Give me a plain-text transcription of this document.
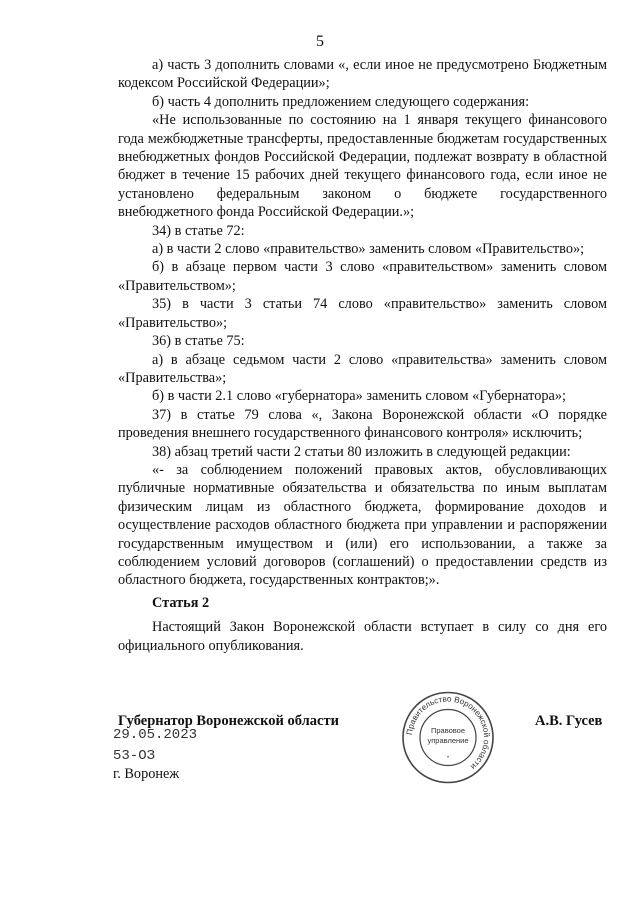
5

а) часть 3 дополнить словами «, если иное не предусмотрено Бюджетным кодексом Российской Федерации»;

б) часть 4 дополнить предложением следующего содержания:

«Не использованные по состоянию на 1 января текущего финансового года межбюджетные трансферты, предоставленные бюджетам государственных внебюджетных фондов Российской Федерации, подлежат возврату в областной бюджет в течение 15 рабочих дней текущего финансового года, если иное не установлено федеральным законом о бюджете государственного внебюджетного фонда Российской Федерации.»;

34) в статье 72:

а) в части 2 слово «правительство» заменить словом «Правительство»;

б) в абзаце первом части 3 слово «правительством» заменить словом «Правительством»;

35) в части 3 статьи 74 слово «правительство» заменить словом «Правительство»;

36) в статье 75:

а) в абзаце седьмом части 2 слово «правительства» заменить словом «Правительства»;

б) в части 2.1 слово «губернатора» заменить словом «Губернатора»;

37) в статье 79 слова «, Закона Воронежской области «О порядке проведения внешнего государственного финансового контроля» исключить;

38) абзац третий части 2 статьи 80 изложить в следующей редакции:

«- за соблюдением положений правовых актов, обусловливающих публичные нормативные обязательства и обязательства по иным выплатам физическим лицам из областного бюджета, формирование доходов и осуществление расходов областного бюджета при управлении и распоряжении государственным имуществом и (или) его использовании, а также за соблюдением условий договоров (соглашений) о предоставлении средств из областного бюджета, государственных контрактов;».

Статья 2

Настоящий Закон Воронежской области вступает в силу со дня его официального опубликования.

Губернатор Воронежской области	А.В. Гусев
29.05.2023
53-ОЗ
г. Воронеж
Правительство Воронежской области
Правовое
управление
*
